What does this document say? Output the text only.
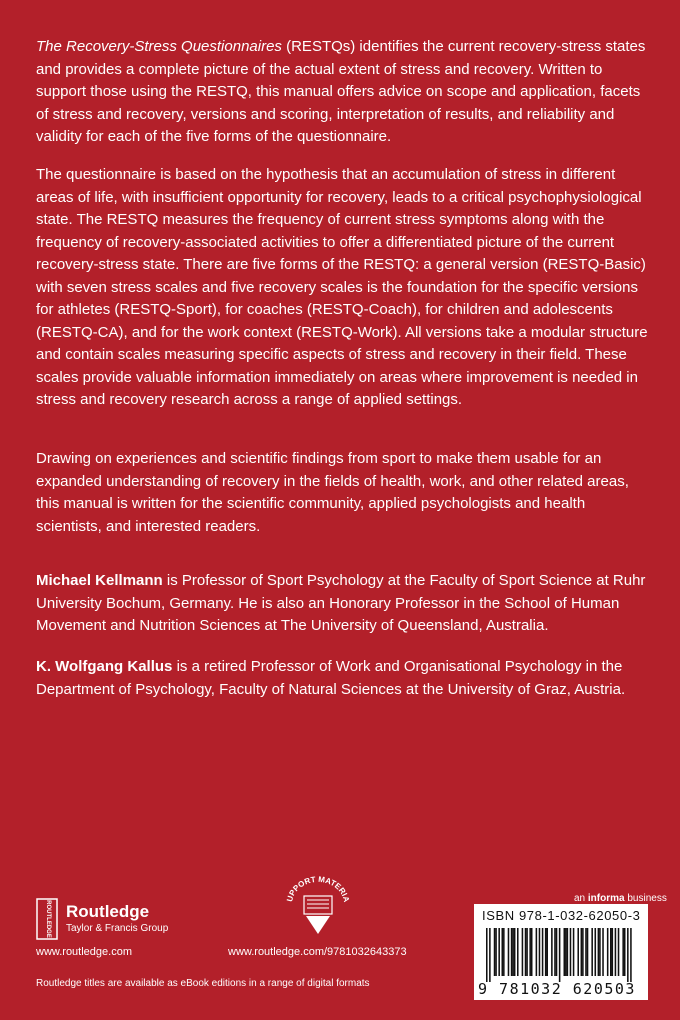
The Recovery-Stress Questionnaires (RESTQs) identifies the current recovery-stress states and provides a complete picture of the actual extent of stress and recovery. Written to support those using the RESTQ, this manual offers advice on scope and application, facets of stress and recovery, versions and scoring, interpretation of results, and reliability and validity for each of the five forms of the questionnaire.

The questionnaire is based on the hypothesis that an accumulation of stress in different areas of life, with insufficient opportunity for recovery, leads to a critical psychophysiological state. The RESTQ measures the frequency of current stress symptoms along with the frequency of recovery-associated activities to offer a differentiated picture of the current recovery-stress state. There are five forms of the RESTQ: a general version (RESTQ-Basic) with seven stress scales and five recovery scales is the foundation for the specific versions for athletes (RESTQ-Sport), for coaches (RESTQ-Coach), for children and adolescents (RESTQ-CA), and for the work context (RESTQ-Work). All versions take a modular structure and contain scales measuring specific aspects of stress and recovery in their field. These scales provide valuable information immediately on areas where improvement is needed in stress and recovery research across a range of applied settings.

Drawing on experiences and scientific findings from sport to make them usable for an expanded understanding of recovery in the fields of health, work, and other related areas, this manual is written for the scientific community, applied psychologists and health scientists, and interested readers.

Michael Kellmann is Professor of Sport Psychology at the Faculty of Sport Science at Ruhr University Bochum, Germany. He is also an Honorary Professor in the School of Human Movement and Nutrition Sciences at The University of Queensland, Australia.

K. Wolfgang Kallus is a retired Professor of Work and Organisational Psychology in the Department of Psychology, Faculty of Natural Sciences at the University of Graz, Austria.

ROUTLEDGE Routledge
Taylor & Francis Group
www.routledge.com
UPPORT MATERIA
www.routledge.com/9781032643373
an informa business
ISBN 978-1-032-62050-3
9 781032 620503
Routledge titles are available as eBook editions in a range of digital formats
